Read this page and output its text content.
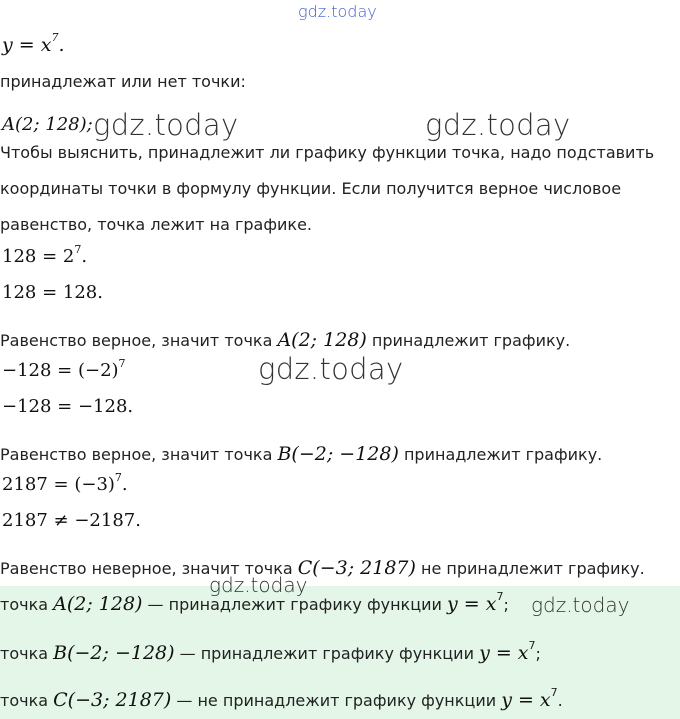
gdz.today
$y = x^7$.
принадлежат или нет точки:
A(2; 128); gdz.today	gdz.today
Чтобы выяснить, принадлежит ли графику функции точка, надо подставить
координаты точки в формулу функции. Если получится верное числовое
равенство, точка лежит на графике.
$128 = 2^7$.
128 = 128.
Равенство верное, значит точка A(2; 128) принадлежит графику.
$-128 = (-2)^7$	gdz.today
−128 = −128.
Равенство верное, значит точка B(−2; −128) принадлежит графику.
$2187 = (-3)^7$.
2187 ≠ −2187.
Равенство неверное, значит точка C(−3; 2187) не принадлежит графику.
gdz.today
точка A(2; 128) — принадлежит графику функции $y = x^7$; gdz.today
точка B(−2; −128) — принадлежит графику функции $y = x^7$;
точка C(−3; 2187) — не принадлежит графику функции $y = x^7$.
